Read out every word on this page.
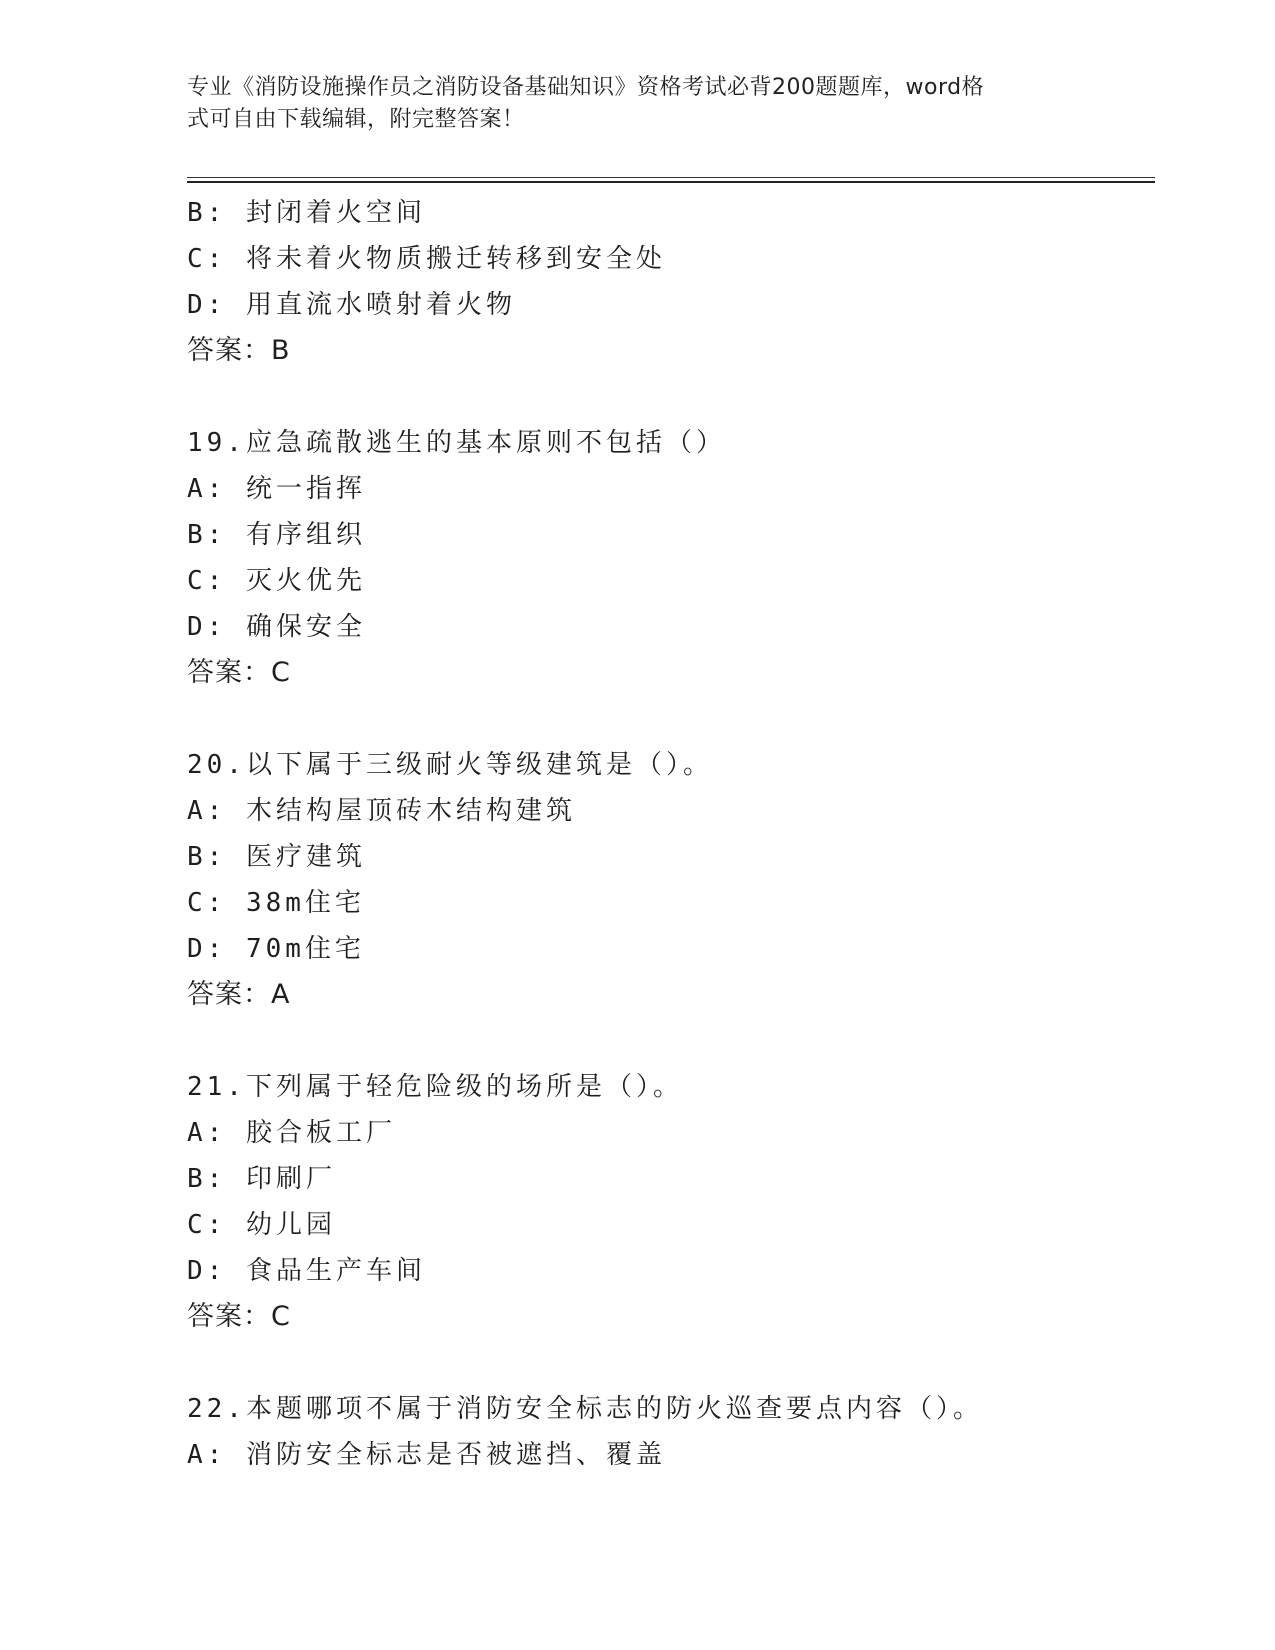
专业《消防设施操作员之消防设备基础知识》资格考试必背200题题库，word格
式可自由下载编辑，附完整答案！
B: 封闭着火空间
C: 将未着火物质搬迁转移到安全处
D: 用直流水喷射着火物
答案：B
19.应急疏散逃生的基本原则不包括（）
A: 统一指挥
B: 有序组织
C: 灭火优先
D: 确保安全
答案：C
20.以下属于三级耐火等级建筑是（）。
A: 木结构屋顶砖木结构建筑
B: 医疗建筑
C: 38m住宅
D: 70m住宅
答案：A
21.下列属于轻危险级的场所是（）。
A: 胶合板工厂
B: 印刷厂
C: 幼儿园
D: 食品生产车间
答案：C
22.本题哪项不属于消防安全标志的防火巡查要点内容（）。
A: 消防安全标志是否被遮挡、覆盖
